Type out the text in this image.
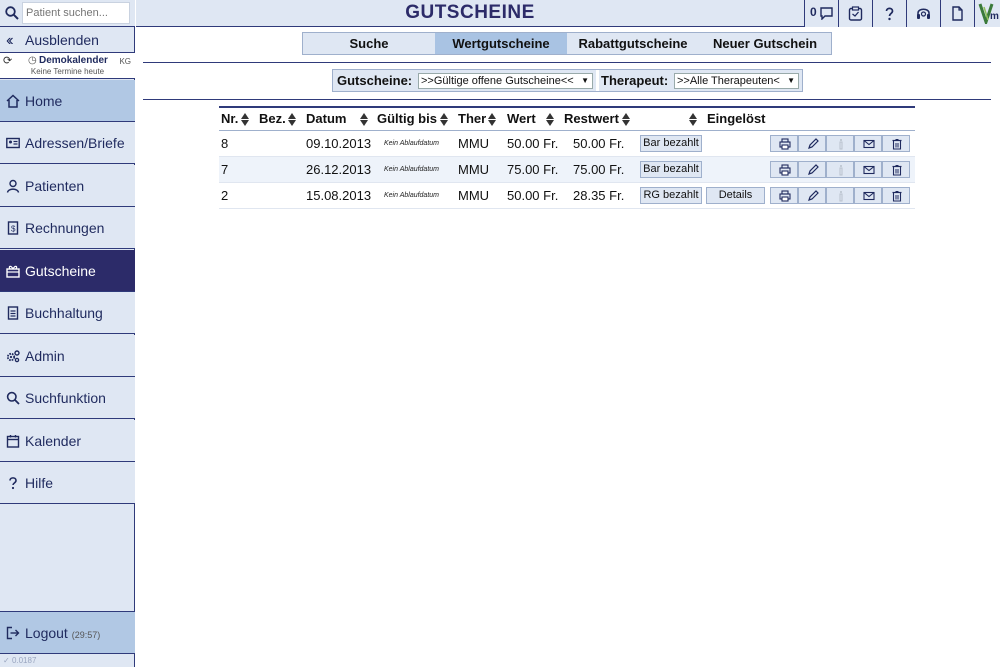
Patient suchen...
‹‹ Ausblenden
⟳ ◷ Demokalender KG
Keine Termine heute
Home
Adressen/Briefe
Patienten
$ Rechnungen
Gutscheine
Buchhaltung
Admin
Suchfunktion
Kalender
Hilfe
Logout (29:57)
✓ 0.0187
GUTSCHEINE	0	m
Suche	Wertgutscheine	Rabattgutscheine	Neuer Gutschein
Gutscheine: >>Gültige offene Gutscheine<< ▼ Therapeut: >>Alle Therapeuten< ▼
Nr. Bez. Datum Gültig bis Ther Wert Restwert	Eingelöst
8	09.10.2013 Kein Ablaufdatum MMU 50.00 Fr. 50.00 Fr. Bar bezahlt
7	26.12.2013 Kein Ablaufdatum MMU 75.00 Fr. 75.00 Fr. Bar bezahlt
2	15.08.2013 Kein Ablaufdatum MMU 50.00 Fr. 28.35 Fr.	RG bezahlt	Details
